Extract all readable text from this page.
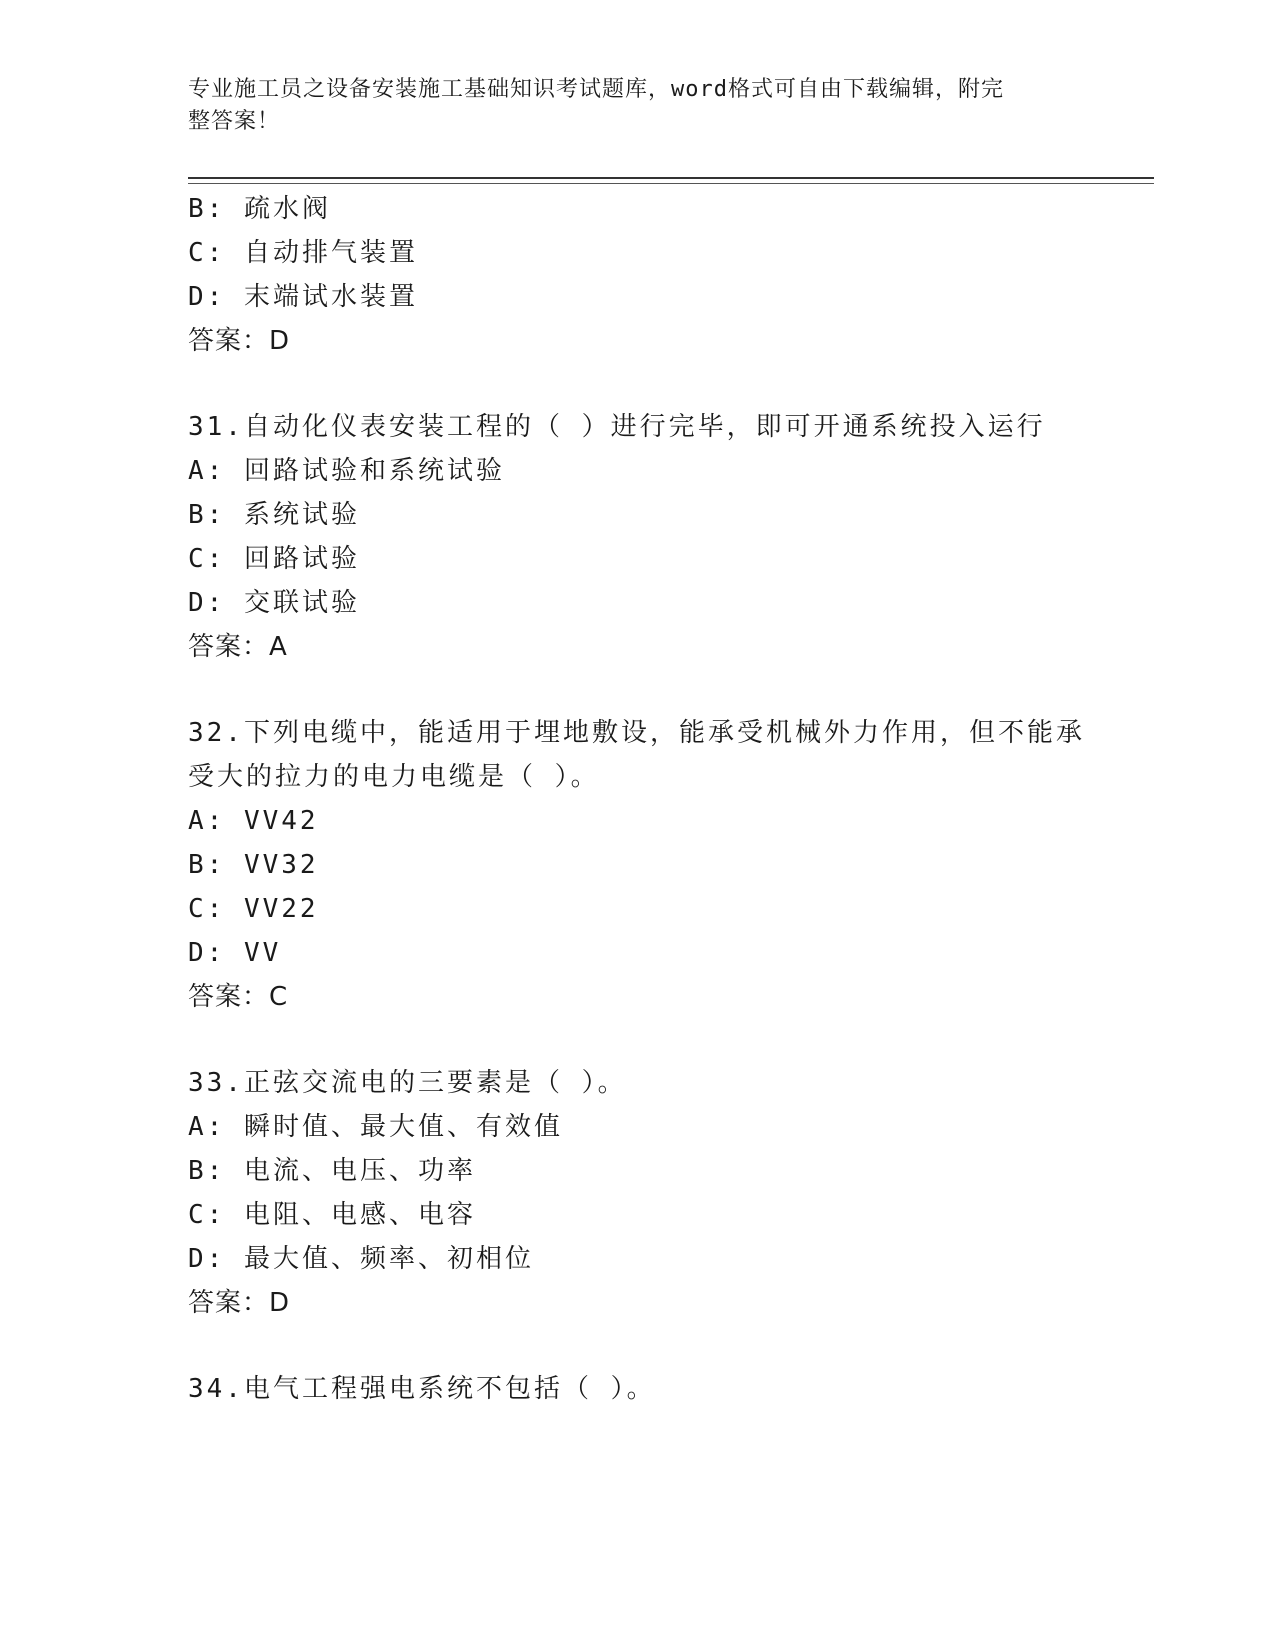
专业施工员之设备安装施工基础知识考试题库，word格式可自由下载编辑，附完
整答案！
B: 疏水阀
C: 自动排气装置
D: 末端试水装置
答案：D
31.自动化仪表安装工程的（ ）进行完毕，即可开通系统投入运行
A: 回路试验和系统试验
B: 系统试验
C: 回路试验
D: 交联试验
答案：A
32.下列电缆中，能适用于埋地敷设，能承受机械外力作用，但不能承
受大的拉力的电力电缆是（ ）。
A: VV42
B: VV32
C: VV22
D: VV
答案：C
33.正弦交流电的三要素是（ ）。
A: 瞬时值、最大值、有效值
B: 电流、电压、功率
C: 电阻、电感、电容
D: 最大值、频率、初相位
答案：D
34.电气工程强电系统不包括（ ）。
